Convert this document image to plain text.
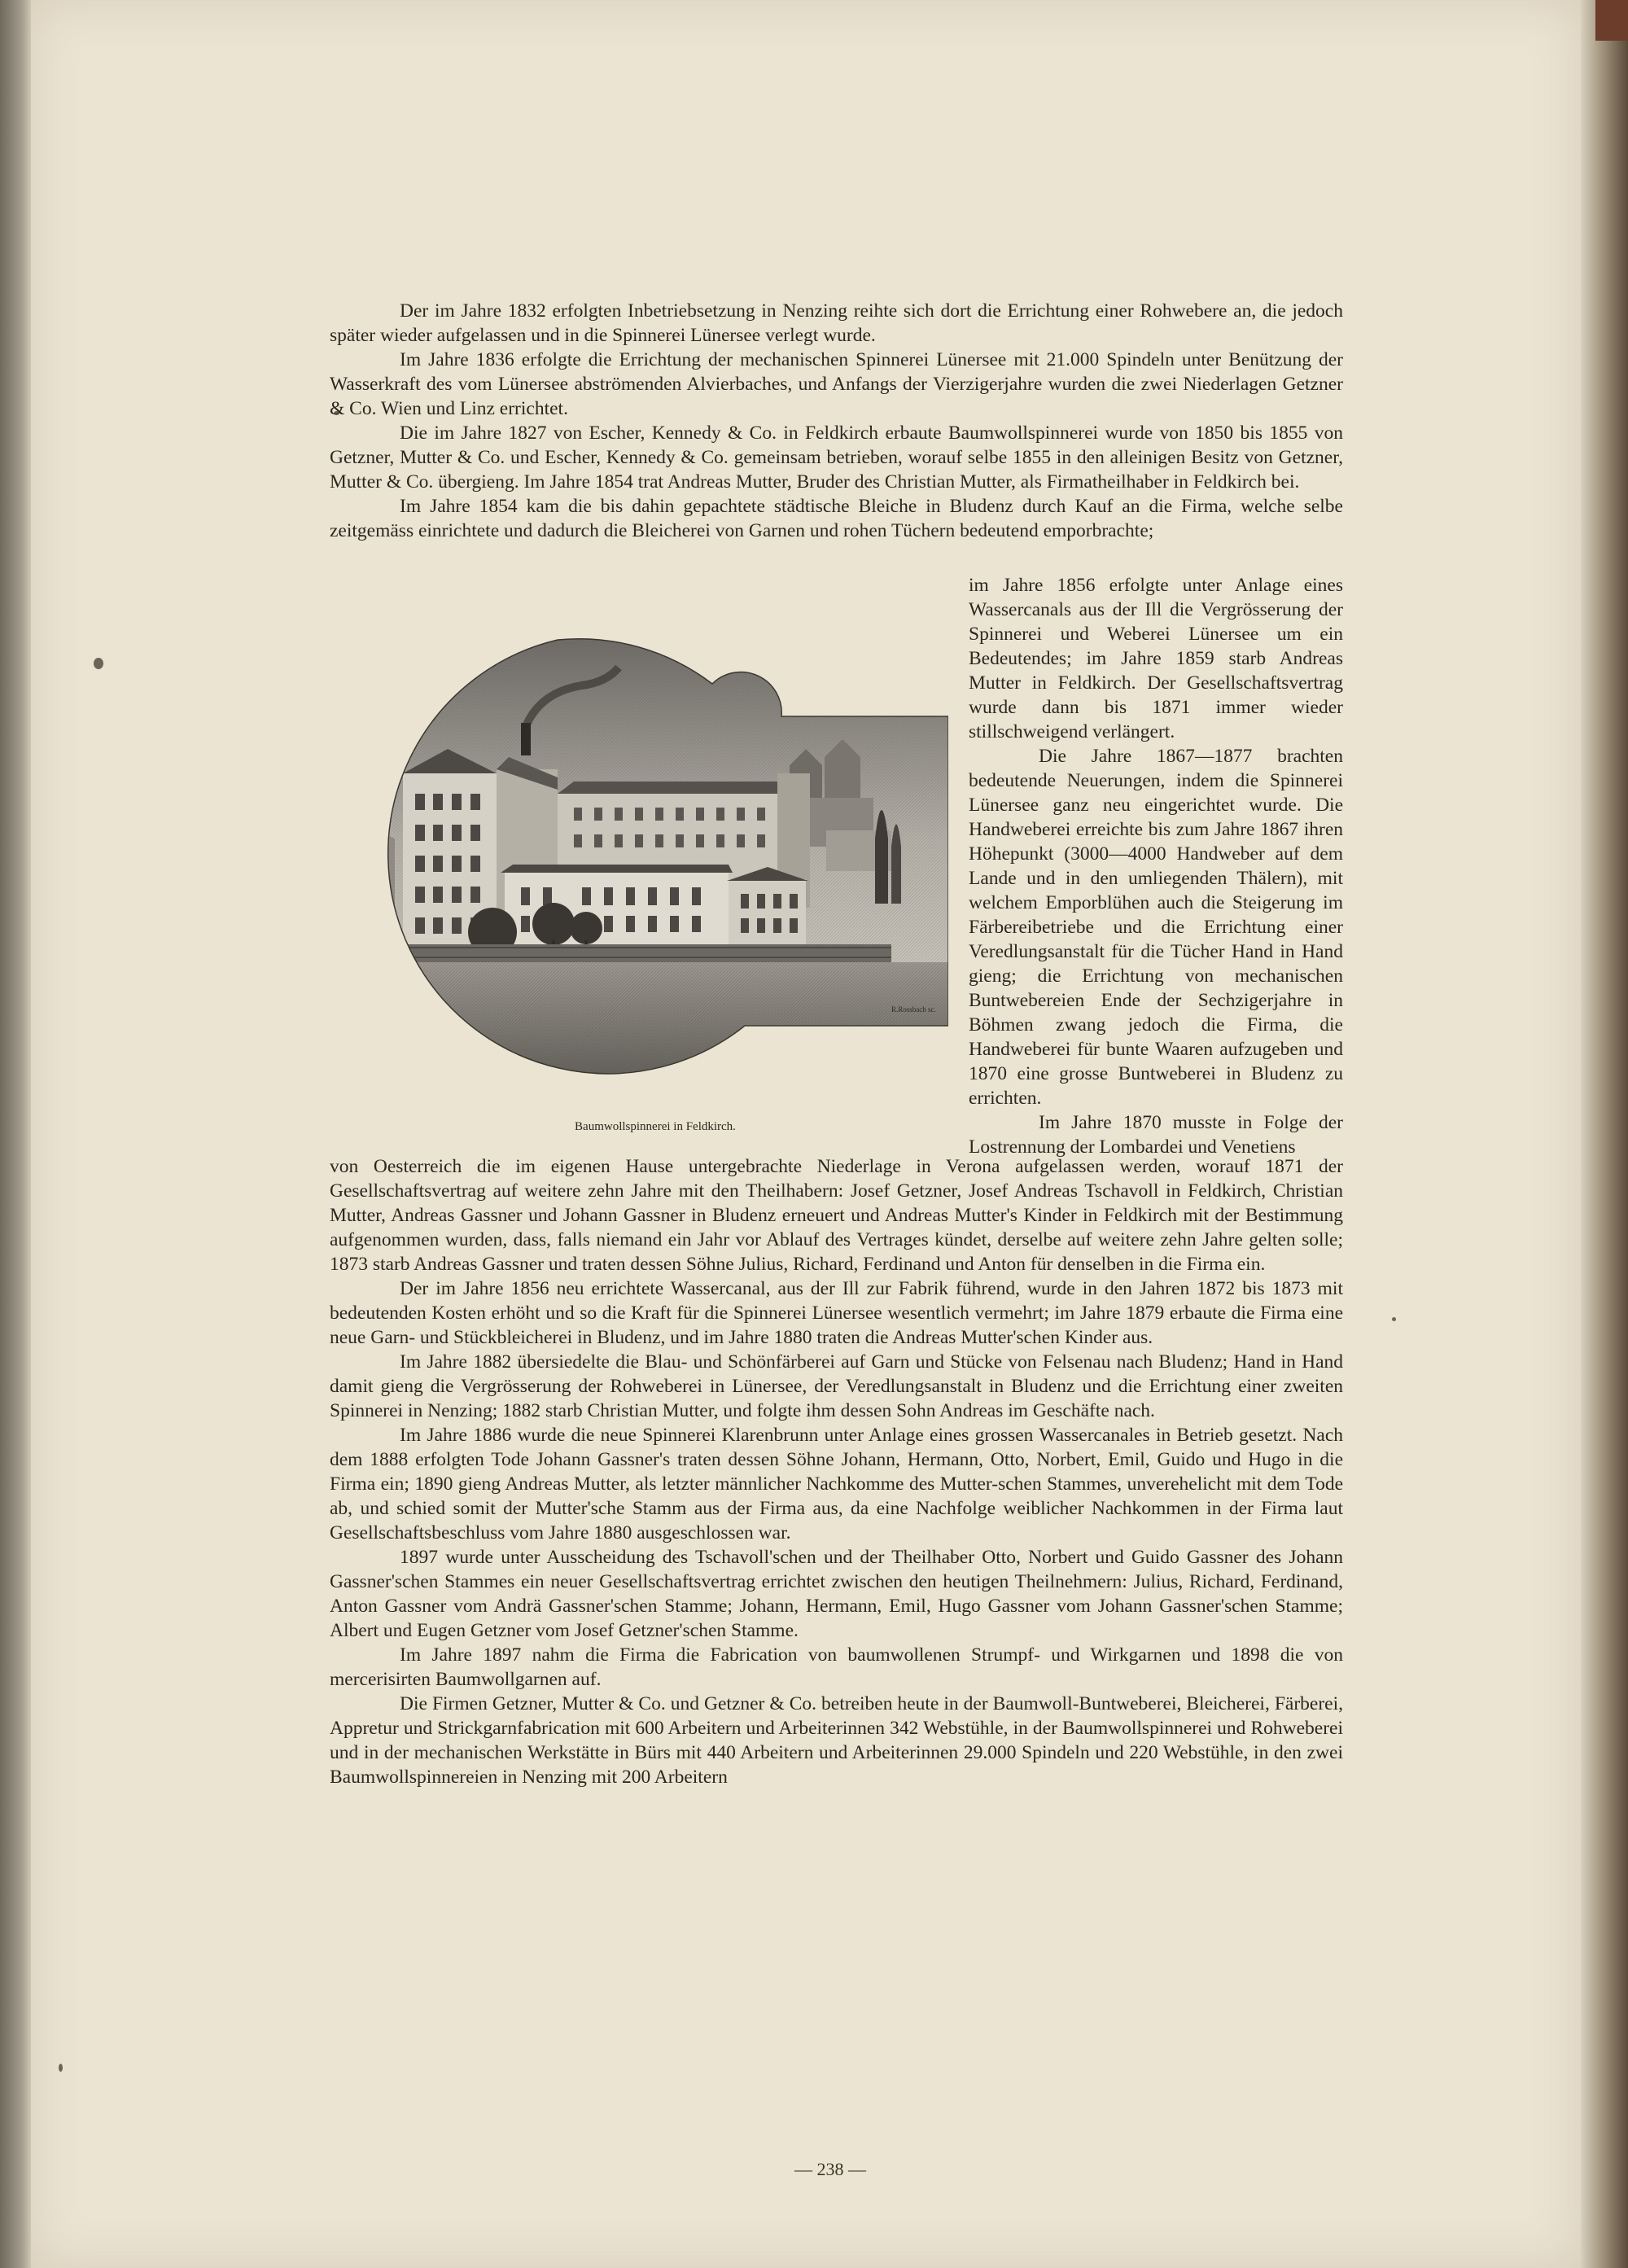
Der im Jahre 1832 erfolgten Inbetriebsetzung in Nenzing reihte sich dort die Errichtung einer Rohwebere an, die jedoch später wieder aufgelassen und in die Spinnerei Lünersee verlegt wurde.

Im Jahre 1836 erfolgte die Errichtung der mechanischen Spinnerei Lünersee mit 21.000 Spindeln unter Benützung der Wasserkraft des vom Lünersee abströmenden Alvierbaches, und Anfangs der Vierzigerjahre wurden die zwei Niederlagen Getzner & Co. Wien und Linz errichtet.

Die im Jahre 1827 von Escher, Kennedy & Co. in Feldkirch erbaute Baumwollspinnerei wurde von 1850 bis 1855 von Getzner, Mutter & Co. und Escher, Kennedy & Co. gemeinsam betrieben, worauf selbe 1855 in den alleinigen Besitz von Getzner, Mutter & Co. übergieng. Im Jahre 1854 trat Andreas Mutter, Bruder des Christian Mutter, als Firmatheilhaber in Feldkirch bei.

Im Jahre 1854 kam die bis dahin gepachtete städtische Bleiche in Bludenz durch Kauf an die Firma, welche selbe zeitgemäss einrichtete und dadurch die Bleicherei von Garnen und rohen Tüchern bedeutend emporbrachte;

R.Rossbach sc.
Baumwollspinnerei in Feldkirch.

im Jahre 1856 erfolgte unter Anlage eines Wassercanals aus der Ill die Vergrösserung der Spinnerei und Weberei Lünersee um ein Bedeutendes; im Jahre 1859 starb Andreas Mutter in Feldkirch. Der Gesellschaftsvertrag wurde dann bis 1871 immer wieder stillschweigend verlängert.

Die Jahre 1867—1877 brachten bedeutende Neuerungen, indem die Spinnerei Lünersee ganz neu eingerichtet wurde. Die Handweberei erreichte bis zum Jahre 1867 ihren Höhepunkt (3000—4000 Handweber auf dem Lande und in den umliegenden Thälern), mit welchem Emporblühen auch die Steigerung im Färbereibetriebe und die Errichtung einer Veredlungsanstalt für die Tücher Hand in Hand gieng; die Errichtung von mechanischen Buntwebereien Ende der Sechzigerjahre in Böhmen zwang jedoch die Firma, die Handweberei für bunte Waaren aufzugeben und 1870 eine grosse Buntweberei in Bludenz zu errichten.

Im Jahre 1870 musste in Folge der Lostrennung der Lombardei und Venetiens

von Oesterreich die im eigenen Hause untergebrachte Niederlage in Verona aufgelassen werden, worauf 1871 der Gesellschaftsvertrag auf weitere zehn Jahre mit den Theilhabern: Josef Getzner, Josef Andreas Tschavoll in Feldkirch, Christian Mutter, Andreas Gassner und Johann Gassner in Bludenz erneuert und Andreas Mutter's Kinder in Feldkirch mit der Bestimmung aufgenommen wurden, dass, falls niemand ein Jahr vor Ablauf des Vertrages kündet, derselbe auf weitere zehn Jahre gelten solle; 1873 starb Andreas Gassner und traten dessen Söhne Julius, Richard, Ferdinand und Anton für denselben in die Firma ein.

Der im Jahre 1856 neu errichtete Wassercanal, aus der Ill zur Fabrik führend, wurde in den Jahren 1872 bis 1873 mit bedeutenden Kosten erhöht und so die Kraft für die Spinnerei Lünersee wesentlich vermehrt; im Jahre 1879 erbaute die Firma eine neue Garn- und Stückbleicherei in Bludenz, und im Jahre 1880 traten die Andreas Mutter'schen Kinder aus.

Im Jahre 1882 übersiedelte die Blau- und Schönfärberei auf Garn und Stücke von Felsenau nach Bludenz; Hand in Hand damit gieng die Vergrösserung der Rohweberei in Lünersee, der Veredlungsanstalt in Bludenz und die Errichtung einer zweiten Spinnerei in Nenzing; 1882 starb Christian Mutter, und folgte ihm dessen Sohn Andreas im Geschäfte nach.

Im Jahre 1886 wurde die neue Spinnerei Klarenbrunn unter Anlage eines grossen Wassercanales in Betrieb gesetzt. Nach dem 1888 erfolgten Tode Johann Gassner's traten dessen Söhne Johann, Hermann, Otto, Norbert, Emil, Guido und Hugo in die Firma ein; 1890 gieng Andreas Mutter, als letzter männlicher Nachkomme des Mutter-schen Stammes, unverehelicht mit dem Tode ab, und schied somit der Mutter'sche Stamm aus der Firma aus, da eine Nachfolge weiblicher Nachkommen in der Firma laut Gesellschaftsbeschluss vom Jahre 1880 ausgeschlossen war.

1897 wurde unter Ausscheidung des Tschavoll'schen und der Theilhaber Otto, Norbert und Guido Gassner des Johann Gassner'schen Stammes ein neuer Gesellschaftsvertrag errichtet zwischen den heutigen Theilnehmern: Julius, Richard, Ferdinand, Anton Gassner vom Andrä Gassner'schen Stamme; Johann, Hermann, Emil, Hugo Gassner vom Johann Gassner'schen Stamme; Albert und Eugen Getzner vom Josef Getzner'schen Stamme.

Im Jahre 1897 nahm die Firma die Fabrication von baumwollenen Strumpf- und Wirkgarnen und 1898 die von mercerisirten Baumwollgarnen auf.

Die Firmen Getzner, Mutter & Co. und Getzner & Co. betreiben heute in der Baumwoll-Buntweberei, Bleicherei, Färberei, Appretur und Strickgarnfabrication mit 600 Arbeitern und Arbeiterinnen 342 Webstühle, in der Baumwollspinnerei und Rohweberei und in der mechanischen Werkstätte in Bürs mit 440 Arbeitern und Arbeiterinnen 29.000 Spindeln und 220 Webstühle, in den zwei Baumwollspinnereien in Nenzing mit 200 Arbeitern

— 238 —
